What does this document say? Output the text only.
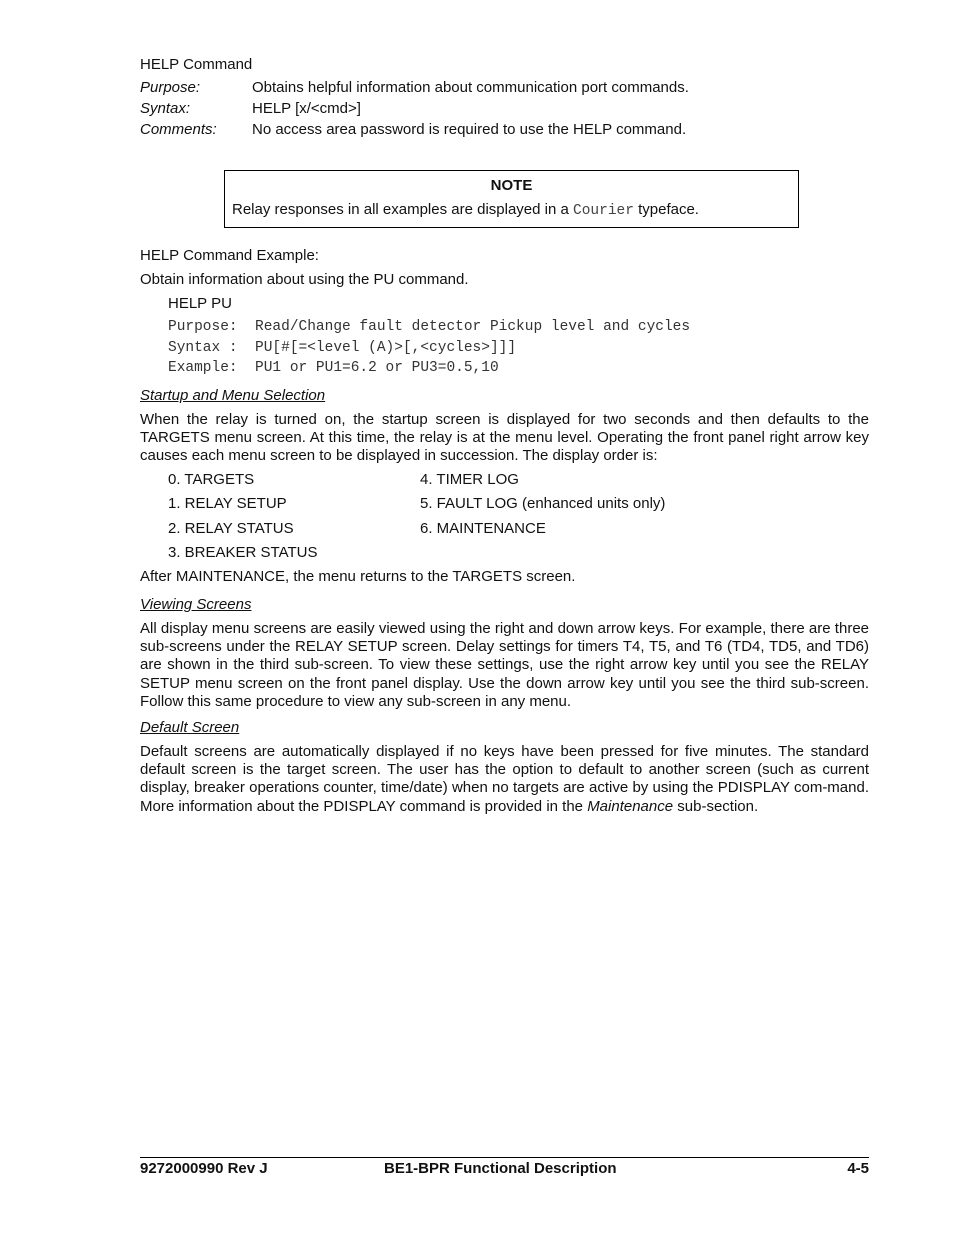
HELP Command
Purpose:	Obtains helpful information about communication port commands.
Syntax:	HELP [x/<cmd>]
Comments: No access area password is required to use the HELP command.
NOTE
Relay responses in all examples are displayed in a Courier typeface.
HELP Command Example:
Obtain information about using the PU command.
HELP PU
Purpose:  Read/Change fault detector Pickup level and cycles
Syntax :  PU[#[=<level (A)>[,<cycles>]]]
Example:  PU1 or PU1=6.2 or PU3=0.5,10
Startup and Menu Selection
When the relay is turned on, the startup screen is displayed for two seconds and then defaults to the TARGETS menu screen. At this time, the relay is at the menu level. Operating the front panel right arrow key causes each menu screen to be displayed in succession. The display order is:
0. TARGETS
1. RELAY SETUP
2. RELAY STATUS
3. BREAKER STATUS
4. TIMER LOG
5. FAULT LOG (enhanced units only)
6. MAINTENANCE
After MAINTENANCE, the menu returns to the TARGETS screen.
Viewing Screens
All display menu screens are easily viewed using the right and down arrow keys. For example, there are three sub-screens under the RELAY SETUP screen. Delay settings for timers T4, T5, and T6 (TD4, TD5, and TD6) are shown in the third sub-screen. To view these settings, use the right arrow key until you see the RELAY SETUP menu screen on the front panel display. Use the down arrow key until you see the third sub-screen. Follow this same procedure to view any sub-screen in any menu.
Default Screen
Default screens are automatically displayed if no keys have been pressed for five minutes. The standard default screen is the target screen. The user has the option to default to another screen (such as current display, breaker operations counter, time/date) when no targets are active by using the PDISPLAY com-mand. More information about the PDISPLAY command is provided in the Maintenance sub-section.
9272000990 Rev J	BE1-BPR Functional Description	4-5
